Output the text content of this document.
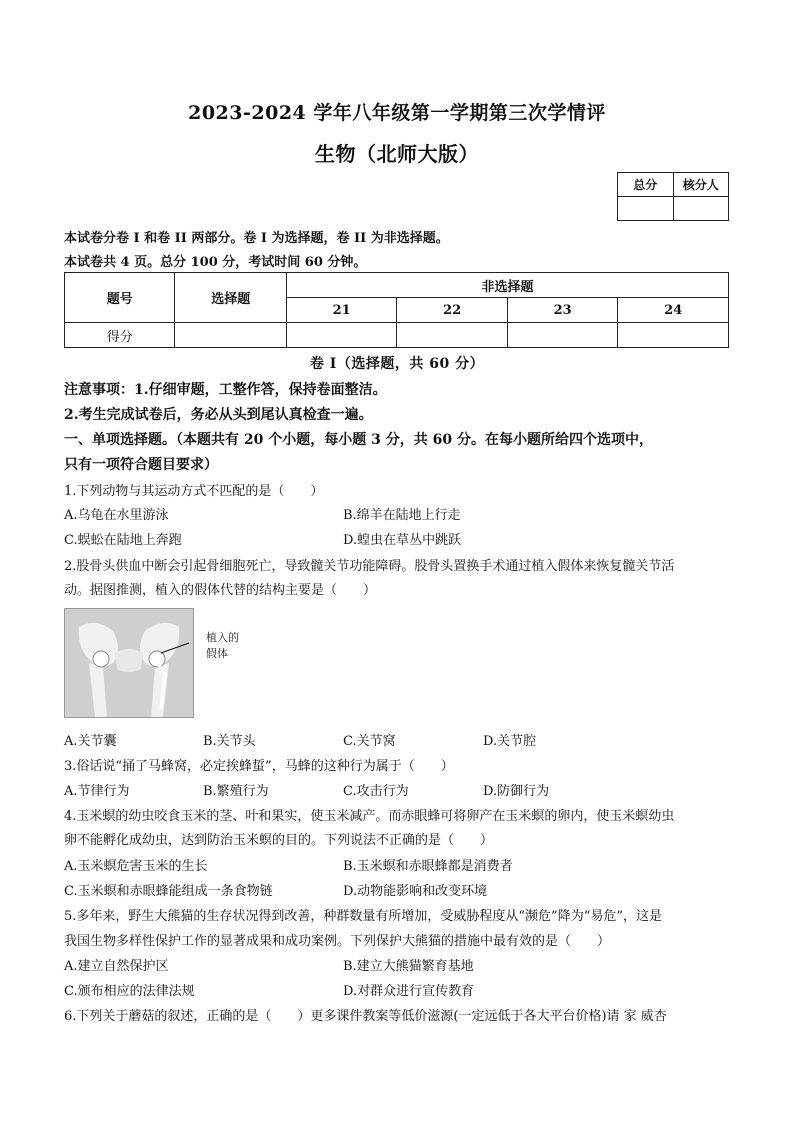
2023-2024 学年八年级第一学期第三次学情评
生物（北师大版）
总分	核分人

本试卷分卷 I 和卷 II 两部分。卷 I 为选择题，卷 II 为非选择题。
本试卷共 4 页。总分 100 分，考试时间 60 分钟。
题号	选择题	非选择题			
		21	22	23	24
得分					
卷 I（选择题，共 60 分）
注意事项：1.仔细审题，工整作答，保持卷面整洁。
2.考生完成试卷后，务必从头到尾认真检查一遍。
一、单项选择题。（本题共有 20 个小题，每小题 3 分，共 60 分。在每小题所给四个选项中，
只有一项符合题目要求）
1.下列动物与其运动方式不匹配的是（　　）
A.乌龟在水里游泳	B.绵羊在陆地上行走
C.蜈蚣在陆地上奔跑	D.蝗虫在草丛中跳跃
2.股骨头供血中断会引起骨细胞死亡，导致髋关节功能障碍。股骨头置换手术通过植入假体来恢复髋关节活
动。据图推测，植入的假体代替的结构主要是（　　）
植入的
假体
A.关节囊	B.关节头	C.关节窝	D.关节腔
3.俗话说“捅了马蜂窝，必定挨蜂蜇”，马蜂的这种行为属于（　　）
A.节律行为	B.繁殖行为	C.攻击行为	D.防御行为
4.玉米螟的幼虫咬食玉米的茎、叶和果实，使玉米减产。而赤眼蜂可将卵产在玉米螟的卵内，使玉米螟幼虫
卵不能孵化成幼虫，达到防治玉米螟的目的。下列说法不正确的是（　　）
A.玉米螟危害玉米的生长	B.玉米螟和赤眼蜂都是消费者
C.玉米螟和赤眼蜂能组成一条食物链	D.动物能影响和改变环境
5.多年来，野生大熊猫的生存状况得到改善，种群数量有所增加，受威胁程度从“濒危”降为“易危”，这是
我国生物多样性保护工作的显著成果和成功案例。下列保护大熊猫的措施中最有效的是（　　）
A.建立自然保护区	B.建立大熊猫繁育基地
C.颁布相应的法律法规	D.对群众进行宣传教育
6.下列关于蘑菇的叙述，正确的是（　　）更多课件教案等低价滋源(一定远低于各大平台价格)请 家 威杏
